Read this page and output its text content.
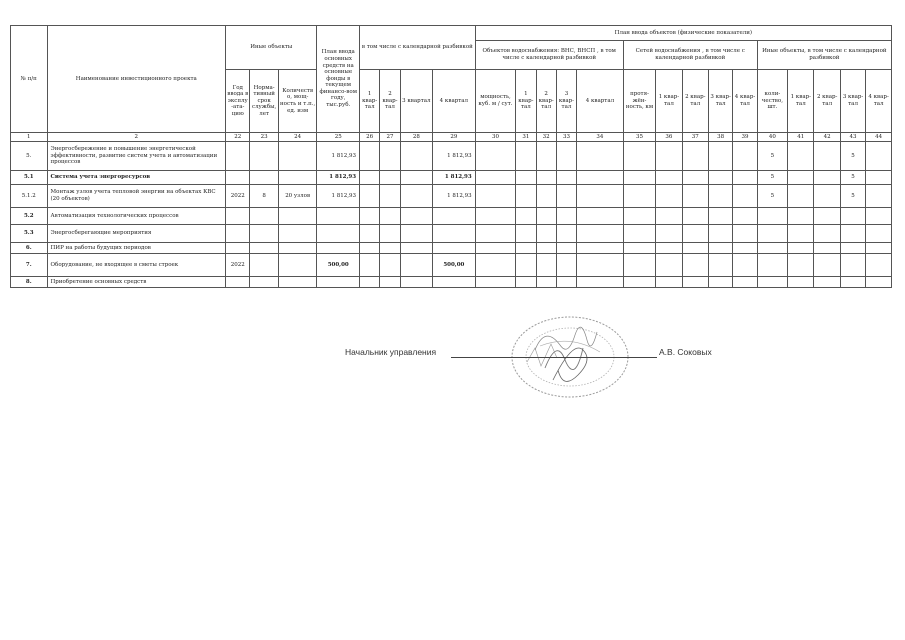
№ п/п	Наименование инвестиционного проекта	Иные объекты			План ввода основных средств на основные фонды в текущем финансо-вом году, тыс.руб.	в том числе с календарной разбивкой				План ввода объектов (физические показатели)														
										Объектов водоснабжения: ВНС, ВНСП , в том числе с календарной разбивкой					Сетей водоснабжения , в том числе с календарной разбивкой					Иные объекты, в том числе с календарной разбивкой				
		Год ввода в эксплу-ата-цию	Норма-тивный срок службы, лет	Количеств о, мощ-ность и т.п., ед. изм		1 квар-тал	2 квар-тал	3 квартал	4 квартал	мощность, куб. м / сут.	1 квар-тал	2 квар-тал	3 квар-тал	4 квартал	протя-жён-ность, км	1 квар-тал	2 квар-тал	3 квар-тал	4 квар-тал	коли-чество, шт.	1 квар-тал	2 квар-тал	3 квар-тал	4 квар-тал
1	2	22	23	24	25	26	27	28	29	30	31	32	33	34	35	36	37	38	39	40	41	42	43	44
5.	Энергосбережение и повышение энергетической эффективности, развитие систем учета и автоматизации процессов				1 812,93				1 812,93											5			5	
5.1	Система учета энергоресурсов				1 812,93				1 812,93											5			5	
5.1.2	Монтаж узлов учета тепловой энергии на объектах КВС (20 объектов)	2022	8	20 узлов	1 812,93				1 812,93											5			5	
5.2	Автоматизация технологических процессов																							
5.3	Энергосберегающие мероприятия																							
6.	ПИР на работы будущих периодов																							
7.	Оборудование, не входящее в сметы строек	2022			500,00				500,00															
8.	Приобретение основных средств																							
Начальник управления	А.В. Соковых
